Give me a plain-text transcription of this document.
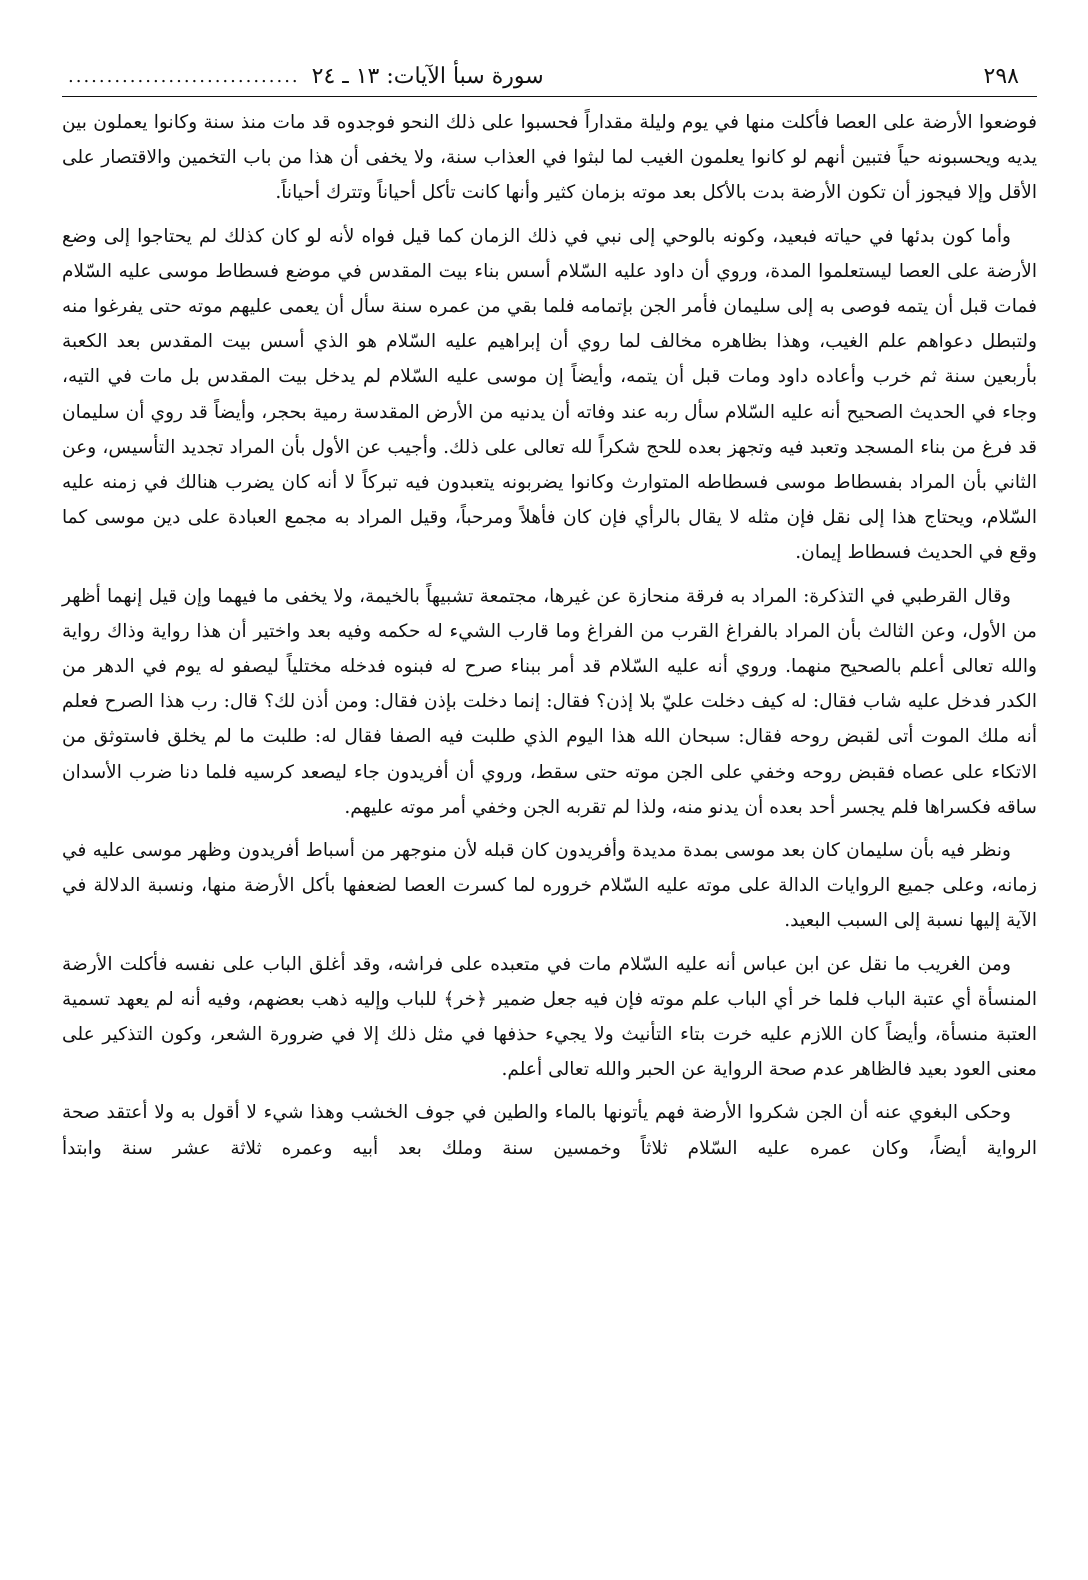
٢٩٨
سورة سبأ الآيات: ١٣ ـ ٢٤
..............................

فوضعوا الأرضة على العصا فأكلت منها في يوم وليلة مقداراً فحسبوا على ذلك النحو فوجدوه قد مات منذ سنة وكانوا يعملون بين يديه ويحسبونه حياً فتبين أنهم لو كانوا يعلمون الغيب لما لبثوا في العذاب سنة، ولا يخفى أن هذا من باب التخمين والاقتصار على الأقل وإلا فيجوز أن تكون الأرضة بدت بالأكل بعد موته بزمان كثير وأنها كانت تأكل أحياناً وتترك أحياناً.

وأما كون بدئها في حياته فبعيد، وكونه بالوحي إلى نبي في ذلك الزمان كما قيل فواه لأنه لو كان كذلك لم يحتاجوا إلى وضع الأرضة على العصا ليستعلموا المدة، وروي أن داود عليه السّلام أسس بناء بيت المقدس في موضع فسطاط موسى عليه السّلام فمات قبل أن يتمه فوصى به إلى سليمان فأمر الجن بإتمامه فلما بقي من عمره سنة سأل أن يعمى عليهم موته حتى يفرغوا منه ولتبطل دعواهم علم الغيب، وهذا بظاهره مخالف لما روي أن إبراهيم عليه السّلام هو الذي أسس بيت المقدس بعد الكعبة بأربعين سنة ثم خرب وأعاده داود ومات قبل أن يتمه، وأيضاً إن موسى عليه السّلام لم يدخل بيت المقدس بل مات في التيه، وجاء في الحديث الصحيح أنه عليه السّلام سأل ربه عند وفاته أن يدنيه من الأرض المقدسة رمية بحجر، وأيضاً قد روي أن سليمان قد فرغ من بناء المسجد وتعبد فيه وتجهز بعده للحج شكراً لله تعالى على ذلك. وأجيب عن الأول بأن المراد تجديد التأسيس، وعن الثاني بأن المراد بفسطاط موسى فسطاطه المتوارث وكانوا يضربونه يتعبدون فيه تبركاً لا أنه كان يضرب هنالك في زمنه عليه السّلام، ويحتاج هذا إلى نقل فإن مثله لا يقال بالرأي فإن كان فأهلاً ومرحباً، وقيل المراد به مجمع العبادة على دين موسى كما وقع في الحديث فسطاط إيمان.

وقال القرطبي في التذكرة: المراد به فرقة منحازة عن غيرها، مجتمعة تشبيهاً بالخيمة، ولا يخفى ما فيهما وإن قيل إنهما أظهر من الأول، وعن الثالث بأن المراد بالفراغ القرب من الفراغ وما قارب الشيء له حكمه وفيه بعد واختير أن هذا رواية وذاك رواية والله تعالى أعلم بالصحيح منهما. وروي أنه عليه السّلام قد أمر ببناء صرح له فبنوه فدخله مختلياً ليصفو له يوم في الدهر من الكدر فدخل عليه شاب فقال: له كيف دخلت عليّ بلا إذن؟ فقال: إنما دخلت بإذن فقال: ومن أذن لك؟ قال: رب هذا الصرح فعلم أنه ملك الموت أتى لقبض روحه فقال: سبحان الله هذا اليوم الذي طلبت فيه الصفا فقال له: طلبت ما لم يخلق فاستوثق من الاتكاء على عصاه فقبض روحه وخفي على الجن موته حتى سقط، وروي أن أفريدون جاء ليصعد كرسيه فلما دنا ضرب الأسدان ساقه فكسراها فلم يجسر أحد بعده أن يدنو منه، ولذا لم تقربه الجن وخفي أمر موته عليهم.

ونظر فيه بأن سليمان كان بعد موسى بمدة مديدة وأفريدون كان قبله لأن منوجهر من أسباط أفريدون وظهر موسى عليه في زمانه، وعلى جميع الروايات الدالة على موته عليه السّلام خروره لما كسرت العصا لضعفها بأكل الأرضة منها، ونسبة الدلالة في الآية إليها نسبة إلى السبب البعيد.

ومن الغريب ما نقل عن ابن عباس أنه عليه السّلام مات في متعبده على فراشه، وقد أغلق الباب على نفسه فأكلت الأرضة المنسأة أي عتبة الباب فلما خر أي الباب علم موته فإن فيه جعل ضمير ﴿خر﴾ للباب وإليه ذهب بعضهم، وفيه أنه لم يعهد تسمية العتبة منسأة، وأيضاً كان اللازم عليه خرت بتاء التأنيث ولا يجيء حذفها في مثل ذلك إلا في ضرورة الشعر، وكون التذكير على معنى العود بعيد فالظاهر عدم صحة الرواية عن الحبر والله تعالى أعلم.

وحكى البغوي عنه أن الجن شكروا الأرضة فهم يأتونها بالماء والطين في جوف الخشب وهذا شيء لا أقول به ولا أعتقد صحة الرواية أيضاً، وكان عمره عليه السّلام ثلاثاً وخمسين سنة وملك بعد أبيه وعمره ثلاثة عشر سنة وابتدأ
